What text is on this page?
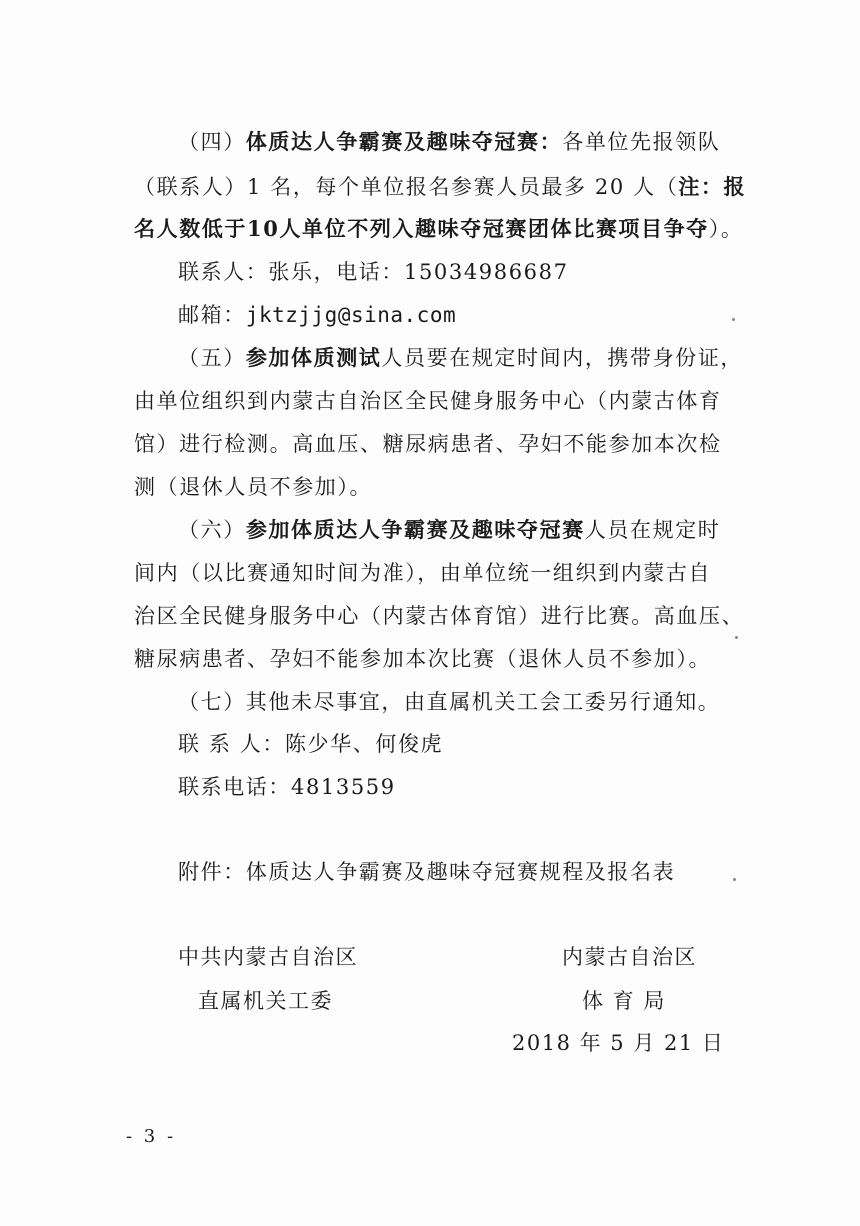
（四）体质达人争霸赛及趣味夺冠赛：各单位先报领队
（联系人）1 名，每个单位报名参赛人员最多 20 人（注：报
名人数低于10人单位不列入趣味夺冠赛团体比赛项目争夺）。
联系人：张乐，电话：15034986687
邮箱：jktzjjg@sina.com
（五）参加体质测试人员要在规定时间内，携带身份证，
由单位组织到内蒙古自治区全民健身服务中心（内蒙古体育
馆）进行检测。高血压、糖尿病患者、孕妇不能参加本次检
测（退休人员不参加）。
（六）参加体质达人争霸赛及趣味夺冠赛人员在规定时
间内（以比赛通知时间为准），由单位统一组织到内蒙古自
治区全民健身服务中心（内蒙古体育馆）进行比赛。高血压、
糖尿病患者、孕妇不能参加本次比赛（退休人员不参加）。
（七）其他未尽事宜，由直属机关工会工委另行通知。
联 系 人：陈少华、何俊虎
联系电话：4813559
附件：体质达人争霸赛及趣味夺冠赛规程及报名表
中共内蒙古自治区
直属机关工委
内蒙古自治区
体 育 局
2018 年 5 月 21 日
- 3 -
